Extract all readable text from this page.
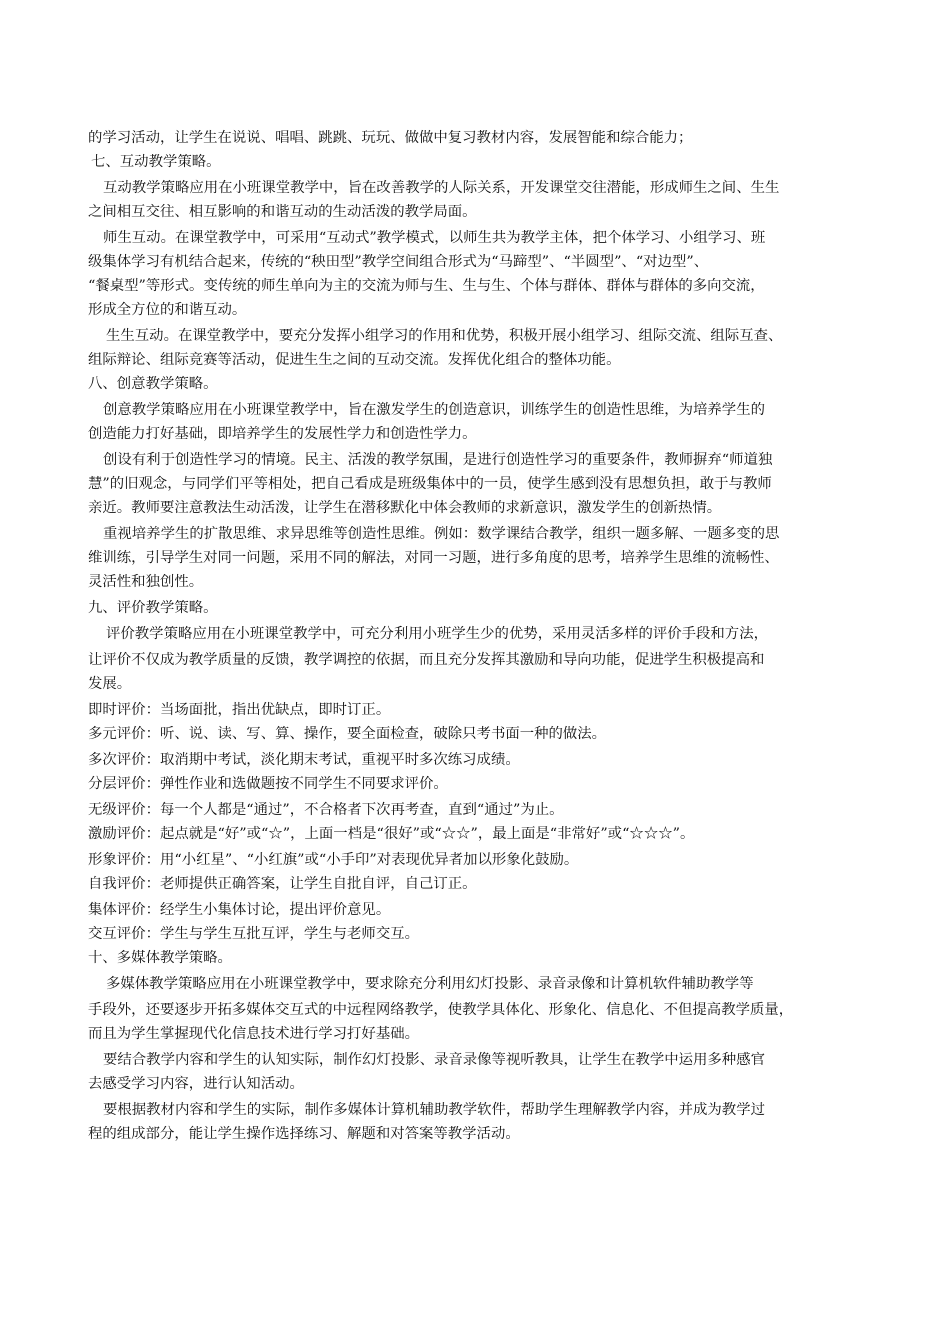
的学习活动，让学生在说说、唱唱、跳跳、玩玩、做做中复习教材内容，发展智能和综合能力；
七、互动教学策略。
互动教学策略应用在小班课堂教学中，旨在改善教学的人际关系，开发课堂交往潜能，形成师生之间、生生
之间相互交往、相互影响的和谐互动的生动活泼的教学局面。
师生互动。在课堂教学中，可采用“互动式”教学模式，以师生共为教学主体，把个体学习、小组学习、班
级集体学习有机结合起来，传统的“秧田型”教学空间组合形式为“马蹄型”、“半圆型”、“对边型”、
“餐桌型”等形式。变传统的师生单向为主的交流为师与生、生与生、个体与群体、群体与群体的多向交流，
形成全方位的和谐互动。
生生互动。在课堂教学中，要充分发挥小组学习的作用和优势，积极开展小组学习、组际交流、组际互查、
组际辩论、组际竞赛等活动，促进生生之间的互动交流。发挥优化组合的整体功能。
八、创意教学策略。
创意教学策略应用在小班课堂教学中，旨在激发学生的创造意识，训练学生的创造性思维，为培养学生的
创造能力打好基础，即培养学生的发展性学力和创造性学力。
创设有利于创造性学习的情境。民主、活泼的教学氛围，是进行创造性学习的重要条件，教师摒弃“师道独
慧”的旧观念，与同学们平等相处，把自己看成是班级集体中的一员，使学生感到没有思想负担，敢于与教师
亲近。教师要注意教法生动活泼，让学生在潜移默化中体会教师的求新意识，激发学生的创新热情。
重视培养学生的扩散思维、求异思维等创造性思维。例如：数学课结合教学，组织一题多解、一题多变的思
维训练，引导学生对同一问题，采用不同的解法，对同一习题，进行多角度的思考，培养学生思维的流畅性、
灵活性和独创性。
九、评价教学策略。
评价教学策略应用在小班课堂教学中，可充分利用小班学生少的优势，采用灵活多样的评价手段和方法，
让评价不仅成为教学质量的反馈，教学调控的依据，而且充分发挥其激励和导向功能，促进学生积极提高和
发展。
即时评价：当场面批，指出优缺点，即时订正。
多元评价：听、说、读、写、算、操作，要全面检查，破除只考书面一种的做法。
多次评价：取消期中考试，淡化期末考试，重视平时多次练习成绩。
分层评价：弹性作业和选做题按不同学生不同要求评价。
无级评价：每一个人都是“通过”，不合格者下次再考查，直到“通过”为止。
激励评价：起点就是“好”或“☆”，上面一档是“很好”或“☆☆”，最上面是“非常好”或“☆☆☆”。
形象评价：用“小红星”、“小红旗”或“小手印”对表现优异者加以形象化鼓励。
自我评价：老师提供正确答案，让学生自批自评，自己订正。
集体评价：经学生小集体讨论，提出评价意见。
交互评价：学生与学生互批互评，学生与老师交互。
十、多媒体教学策略。
多媒体教学策略应用在小班课堂教学中，要求除充分利用幻灯投影、录音录像和计算机软件辅助教学等
手段外，还要逐步开拓多媒体交互式的中远程网络教学，使教学具体化、形象化、信息化、不但提高教学质量，
而且为学生掌握现代化信息技术进行学习打好基础。
要结合教学内容和学生的认知实际，制作幻灯投影、录音录像等视听教具，让学生在教学中运用多种感官
去感受学习内容，进行认知活动。
要根据教材内容和学生的实际，制作多媒体计算机辅助教学软件，帮助学生理解教学内容，并成为教学过
程的组成部分，能让学生操作选择练习、解题和对答案等教学活动。
